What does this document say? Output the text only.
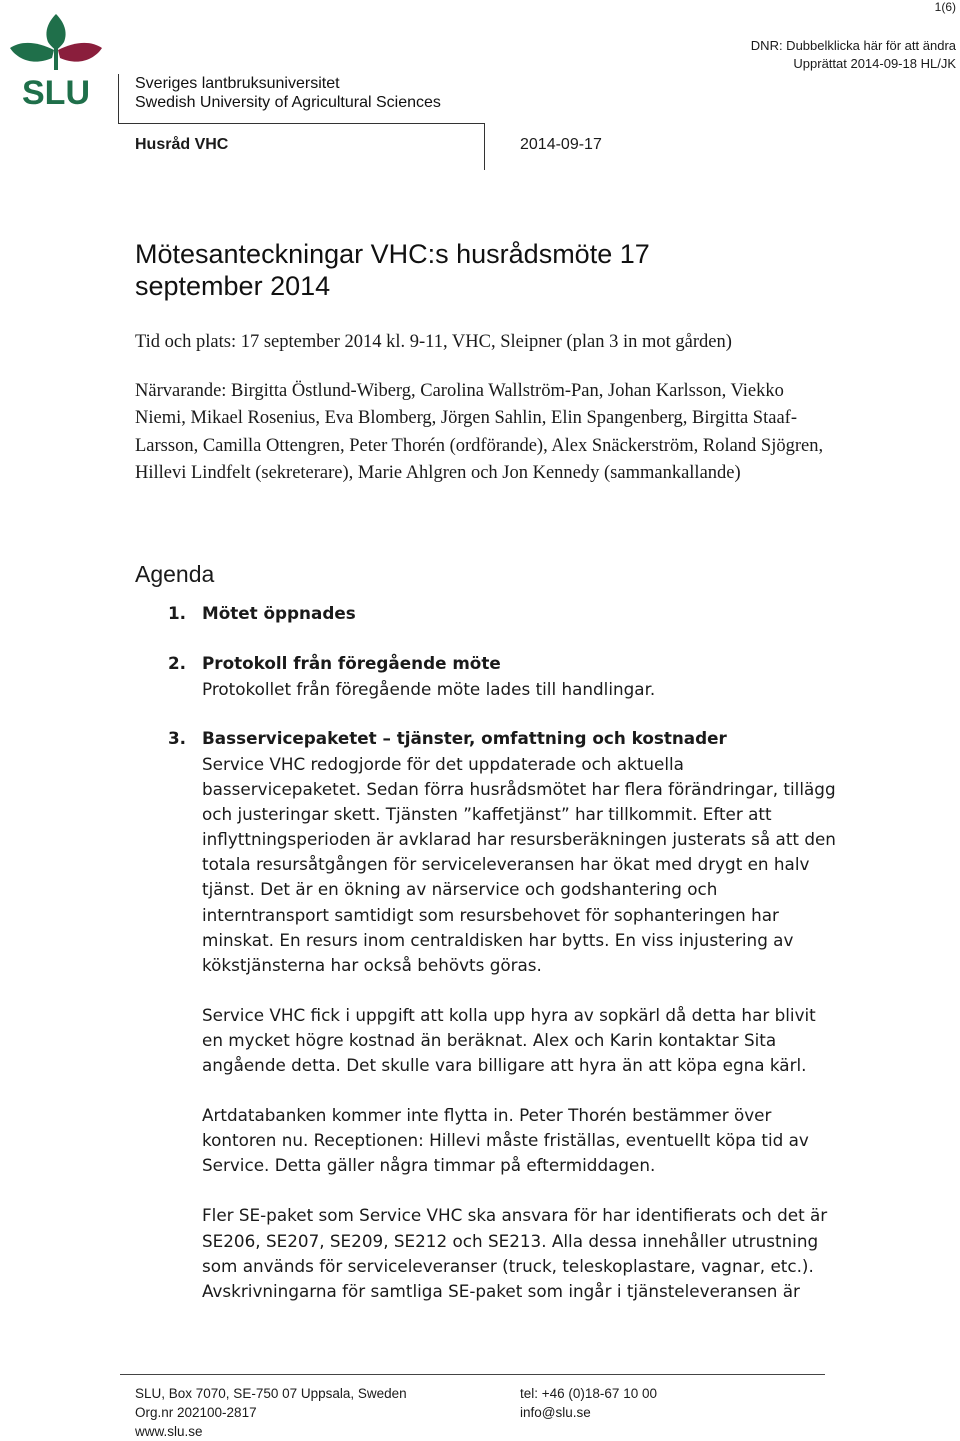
1(6)
DNR: Dubbelklicka här för att ändra
Upprättat 2014-09-18 HL/JK
SLU	Sveriges lantbruksuniversitet
Swedish University of Agricultural Sciences
Husråd VHC	2014-09-17
Mötesanteckningar VHC:s husrådsmöte 17
september 2014
Tid och plats: 17 september 2014 kl. 9-11, VHC, Sleipner (plan 3 in mot gården)
Närvarande: Birgitta Östlund-Wiberg, Carolina Wallström-Pan, Johan Karlsson, Viekko Niemi, Mikael Rosenius, Eva Blomberg, Jörgen Sahlin, Elin Spangenberg, Birgitta Staaf-Larsson, Camilla Ottengren, Peter Thorén (ordförande), Alex Snäckerström, Roland Sjögren, Hillevi Lindfelt (sekreterare), Marie Ahlgren och Jon Kennedy (sammankallande)
Agenda
1. Mötet öppnades
2. Protokoll från föregående möte

Protokollet från föregående möte lades till handlingar.

3. Basservicepaketet – tjänster, omfattning och kostnader

Service VHC redogjorde för det uppdaterade och aktuella basservicepaketet. Sedan förra husrådsmötet har flera förändringar, tillägg och justeringar skett. Tjänsten ”kaffetjänst” har tillkommit. Efter att inflyttningsperioden är avklarad har resursberäkningen justerats så att den totala resursåtgången för serviceleveransen har ökat med drygt en halv tjänst. Det är en ökning av närservice och godshantering och interntransport samtidigt som resursbehovet för sophanteringen har minskat. En resurs inom centraldisken har bytts. En viss injustering av kökstjänsterna har också behövts göras.

Service VHC fick i uppgift att kolla upp hyra av sopkärl då detta har blivit en mycket högre kostnad än beräknat. Alex och Karin kontaktar Sita angående detta. Det skulle vara billigare att hyra än att köpa egna kärl.

Artdatabanken kommer inte flytta in. Peter Thorén bestämmer över kontoren nu. Receptionen: Hillevi måste friställas, eventuellt köpa tid av Service. Detta gäller några timmar på eftermiddagen.

Fler SE-paket som Service VHC ska ansvara för har identifierats och det är SE206, SE207, SE209, SE212 och SE213. Alla dessa innehåller utrustning som används för serviceleveranser (truck, teleskoplastare, vagnar, etc.). Avskrivningarna för samtliga SE-paket som ingår i tjänsteleveransen är

SLU, Box 7070, SE-750 07 Uppsala, Sweden
Org.nr 202100-2817
www.slu.se
tel: +46 (0)18-67 10 00
info@slu.se
